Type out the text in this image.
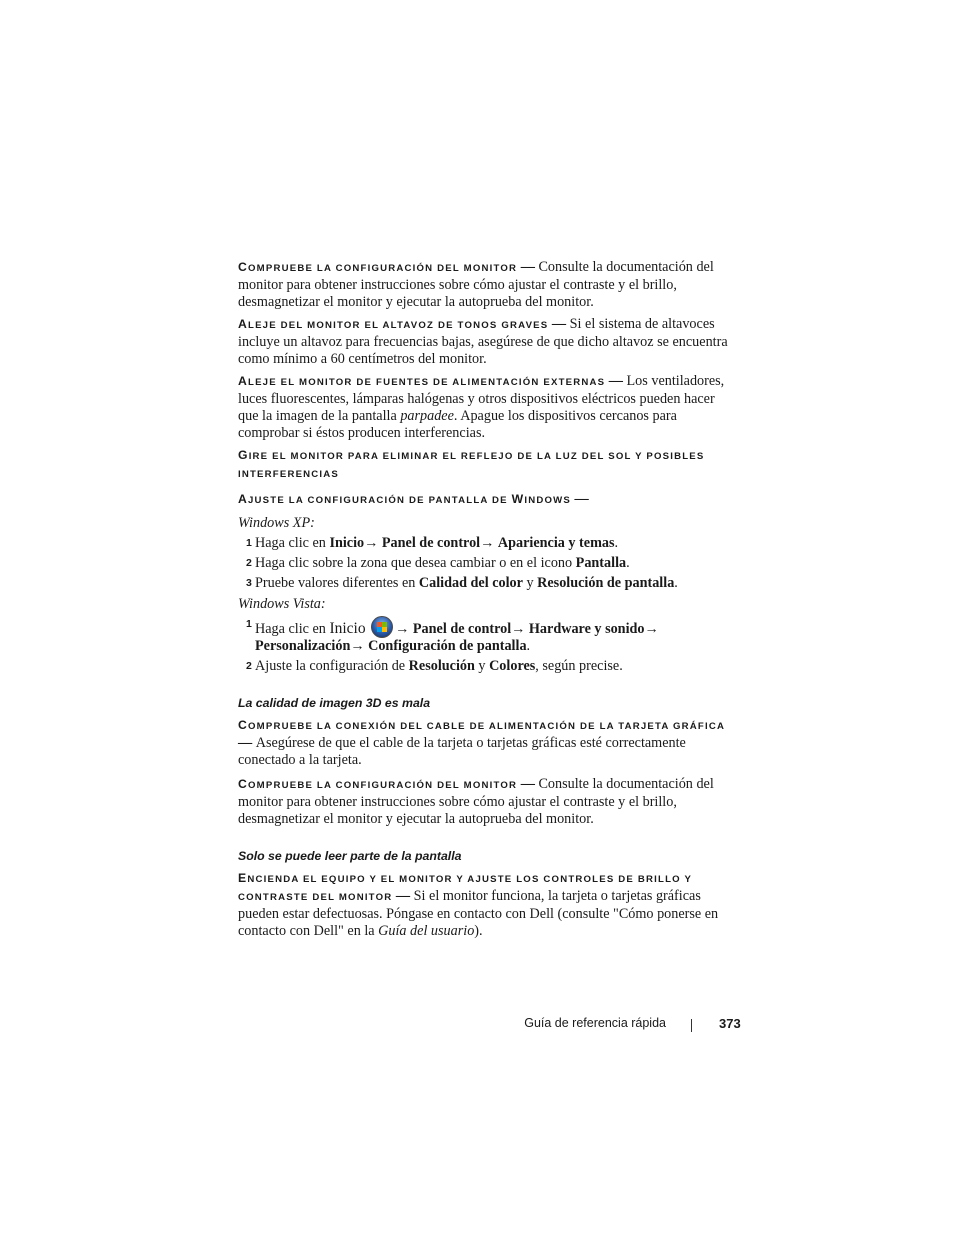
COMPRUEBE LA CONFIGURACIÓN DEL MONITOR — Consulte la documentación del monitor para obtener instrucciones sobre cómo ajustar el contraste y el brillo, desmagnetizar el monitor y ejecutar la autoprueba del monitor.

ALEJE DEL MONITOR EL ALTAVOZ DE TONOS GRAVES — Si el sistema de altavoces incluye un altavoz para frecuencias bajas, asegúrese de que dicho altavoz se encuentra como mínimo a 60 centímetros del monitor.

ALEJE EL MONITOR DE FUENTES DE ALIMENTACIÓN EXTERNAS — Los ventiladores, luces fluorescentes, lámparas halógenas y otros dispositivos eléctricos pueden hacer que la imagen de la pantalla parpadee. Apague los dispositivos cercanos para comprobar si éstos producen interferencias.

GIRE EL MONITOR PARA ELIMINAR EL REFLEJO DE LA LUZ DEL SOL Y POSIBLES INTERFERENCIAS

AJUSTE LA CONFIGURACIÓN DE PANTALLA DE WINDOWS —

Windows XP:

1 Haga clic en Inicio→ Panel de control→ Apariencia y temas.

2 Haga clic sobre la zona que desea cambiar o en el icono Pantalla.

3 Pruebe valores diferentes en Calidad del color y Resolución de pantalla.

Windows Vista:

1 Haga clic en Inicio → Panel de control→ Hardware y sonido→ Personalización→ Configuración de pantalla.

2 Ajuste la configuración de Resolución y Colores, según precise.

La calidad de imagen 3D es mala

COMPRUEBE LA CONEXIÓN DEL CABLE DE ALIMENTACIÓN DE LA TARJETA GRÁFICA — Asegúrese de que el cable de la tarjeta o tarjetas gráficas esté correctamente conectado a la tarjeta.

COMPRUEBE LA CONFIGURACIÓN DEL MONITOR — Consulte la documentación del monitor para obtener instrucciones sobre cómo ajustar el contraste y el brillo, desmagnetizar el monitor y ejecutar la autoprueba del monitor.

Solo se puede leer parte de la pantalla

ENCIENDA EL EQUIPO Y EL MONITOR Y AJUSTE LOS CONTROLES DE BRILLO Y CONTRASTE DEL MONITOR — Si el monitor funciona, la tarjeta o tarjetas gráficas pueden estar defectuosas. Póngase en contacto con Dell (consulte "Cómo ponerse en contacto con Dell" en la Guía del usuario).

Guía de referencia rápida	373
